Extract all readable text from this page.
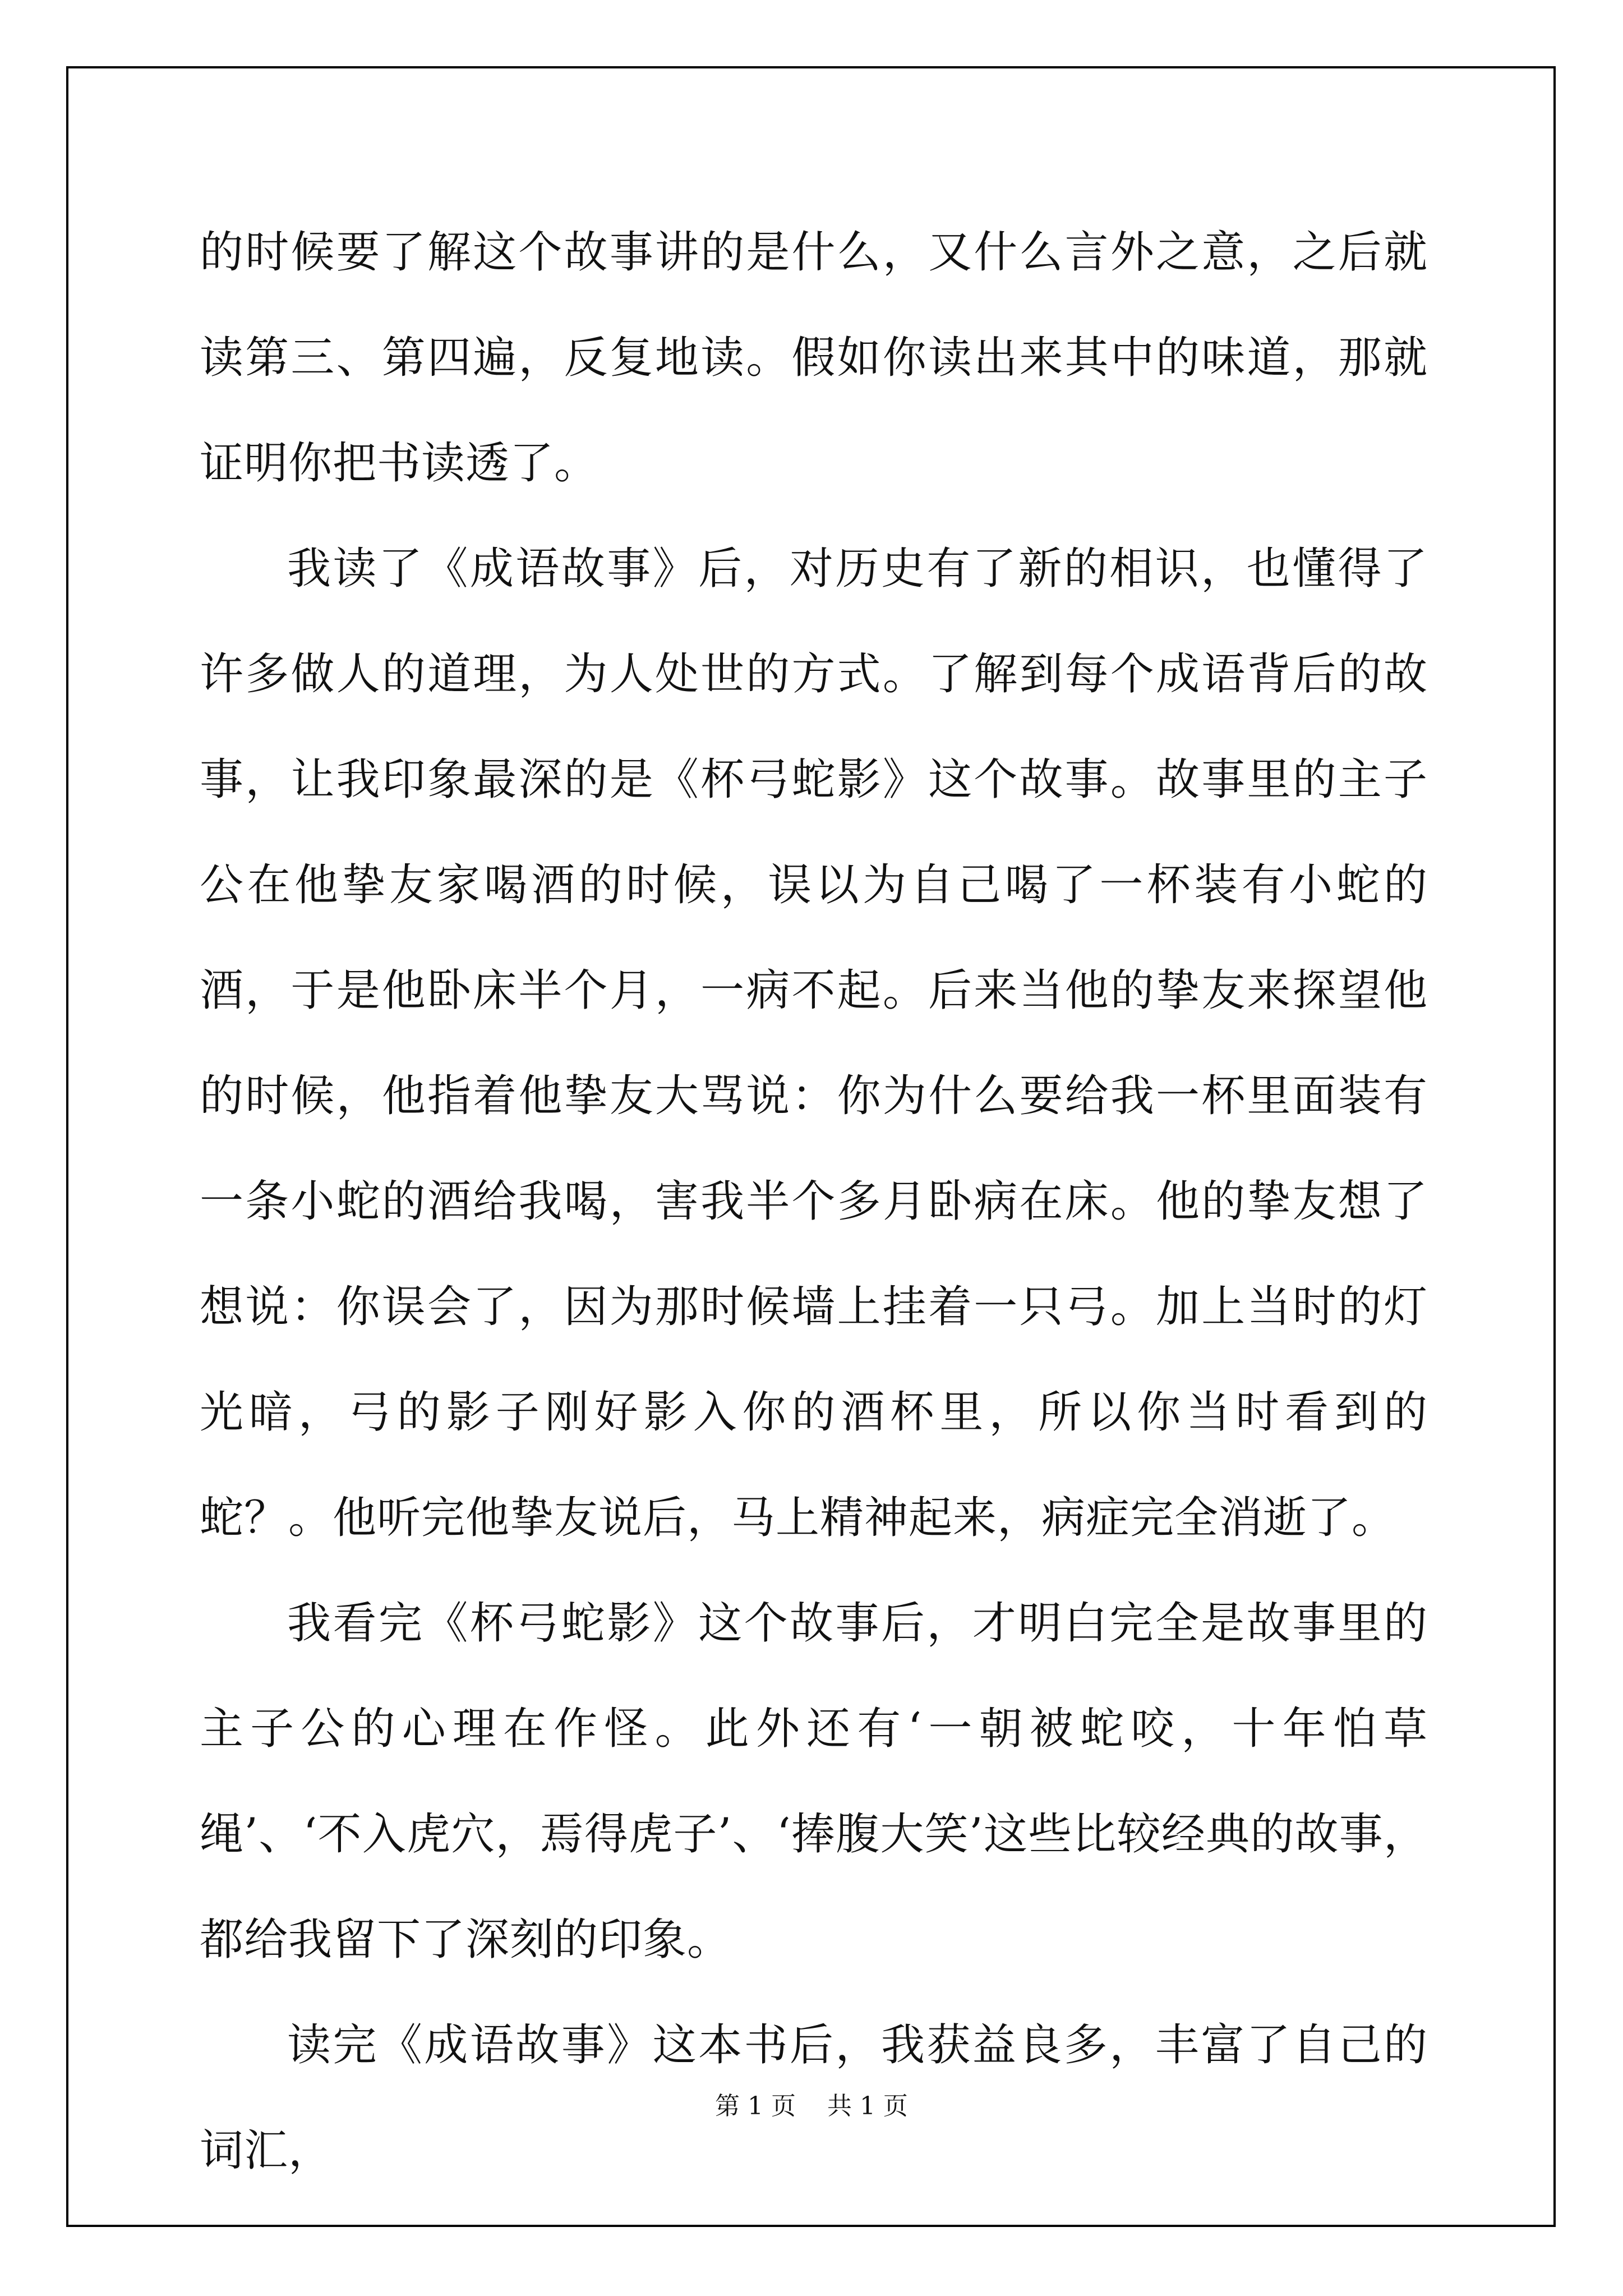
的时候要了解这个故事讲的是什么，又什么言外之意，之后就读第三、第四遍，反复地读。假如你读出来其中的味道，那就证明你把书读透了。

我读了《成语故事》后，对历史有了新的相识，也懂得了许多做人的道理，为人处世的方式。了解到每个成语背后的故事，让我印象最深的是《杯弓蛇影》这个故事。故事里的主子公在他挚友家喝酒的时候，误以为自己喝了一杯装有小蛇的酒，于是他卧床半个月，一病不起。后来当他的挚友来探望他的时候，他指着他挚友大骂说：你为什么要给我一杯里面装有一条小蛇的酒给我喝，害我半个多月卧病在床。他的挚友想了想说：你误会了，因为那时候墙上挂着一只弓。加上当时的灯光暗，弓的影子刚好影入你的酒杯里，所以你当时看到的蛇？。他听完他挚友说后，马上精神起来，病症完全消逝了。

我看完《杯弓蛇影》这个故事后，才明白完全是故事里的主子公的心理在作怪。此外还有‘一朝被蛇咬，十年怕草绳’、‘不入虎穴，焉得虎子’、‘捧腹大笑’这些比较经典的故事，都给我留下了深刻的印象。

读完《成语故事》这本书后，我获益良多，丰富了自己的词汇，

第 1 页    共 1 页
